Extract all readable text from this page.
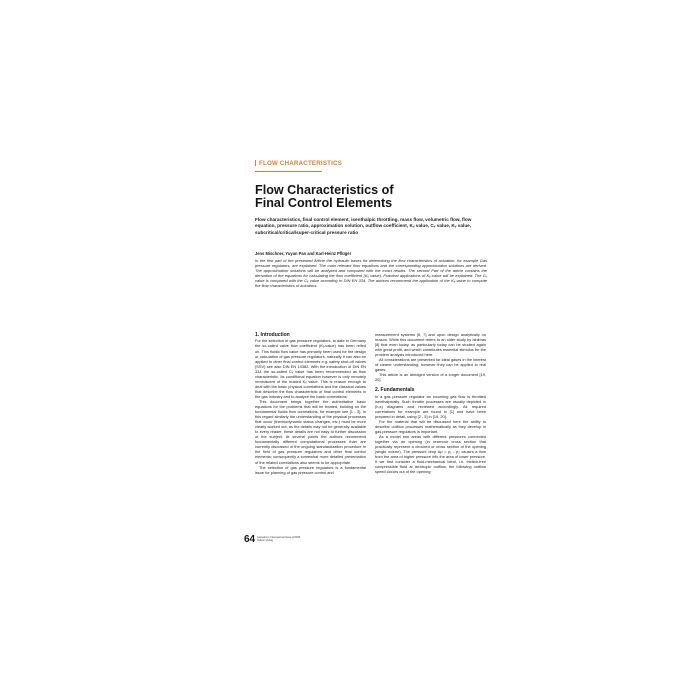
FLOW CHARACTERISTICS
Flow Characteristics of
Final Control Elements
Flow characteristics, final control element, isenthalpic throttling, mass flow, volumetric flow, flow equation, pressure ratio, approximation solution, outflow coefficient, Kᵥ value, Cᵥ value, Kᵥ value, subcritical/critical/super-critical pressure ratio
Jens Mischner, Yuyan Pan and Karl-Heinz Pflüger
In the first part of the presented Article the hydraulic bases for determining the flow characteristics of actuation, for example Gas pressure regulators, are explained. The main relevant flow equations and the corresponding approximation solutions are derived. The approximation solutions will be analyzed and compared with the exact results. The second Part of the article contains the derivation of the equations for calculating the flow coefficient (Kᵥ value). Practical applications of Kᵥ-value will be explained. The Cᵥ value is compared with the Cᵥ value according to DIN EN 334. The authors recommend the application of the Kᵥ-value to compute the flow characteristics of actuators.
1. Introduction

For the selection of gas pressure regulators, to date in Germany the so-called valve flow coefficient (Kᵥ-value) has been relied on. This fluidic flow value has primarily been used for the design or calculation of gas pressure regulators, naturally it can also be applied to other final control elements e.g. safety shut-off valves (SSV) see also DIN EN 14382. With the introduction of DIN EN 334 the so-called Cᵥ value has been recommended as flow characteristic. Its conditional equation however is only remotely reminiscent of the trusted Kᵥ value. This is reason enough to deal with the basic physical correlations and the classical values that describe the flow characteristic of final control elements in the gas industry and to analyze the basic correlations.

This document brings together the authoritative basic equations for the problems that will be treated, building on the fundamental fluidic flow correlations, for example see [1 - 3]. In this regard similarly the understanding of the physical processes that occur (thermodynamic status changes, etc.) must be more clearly worked out, as the details may not be generally available to every reader, these details are not easy to further discussion of the subject. At several points the authors recommend fundamentally different computational processes than are currently discussed in the ongoing standardization procedure in the field of gas pressure regulators and other final control elements; consequently a somewhat more detailed presentation of the related correlations also seems to be appropriate.

The selection of gas pressure regulators is a fundamental issue for planning of gas pressure control and

measurement systems [6, 7] and upon design analytically no reason. While this document refers to an older study by Ishibras [8] that even today, as particularly today can be studied again with great profit, and which contributes essential stimulus for the problem analysis introduced here.

All considerations are presented for ideal gases in the interest of clearer understanding, however they can be applied to real gases.

This article is an abridged version of a longer document [19, 20].

2. Fundamentals

In a gas pressure regulator an incoming gas flow is throttled isenthalpically. Such throttle processes are usually depicted in (h,s) diagrams and reviewed accordingly. All required correlations for example are found in [1] and have been prepared in detail, using [2 - 5] in [19, 20].

For the material that will be discussed here the ability to describe outflow processes mathematically as they develop in gas pressure regulators is important.

As a model two areas with different pressures connected together via an opening (in reservoir cross section that practically represent a chocked or cross section of the opening (single nozzle). The pressure drop Δp = p₁ - p₂ causes a flow from the area of higher pressure into the area of lower pressure. If we first consider a fluid-mechanical ideal, i.e. friction-free compressible fluid at isentropic outflow, the following outflow speed occurs out of the opening:

64 Gaswärme International Issue 2/2008
Vulkan-Verlag
